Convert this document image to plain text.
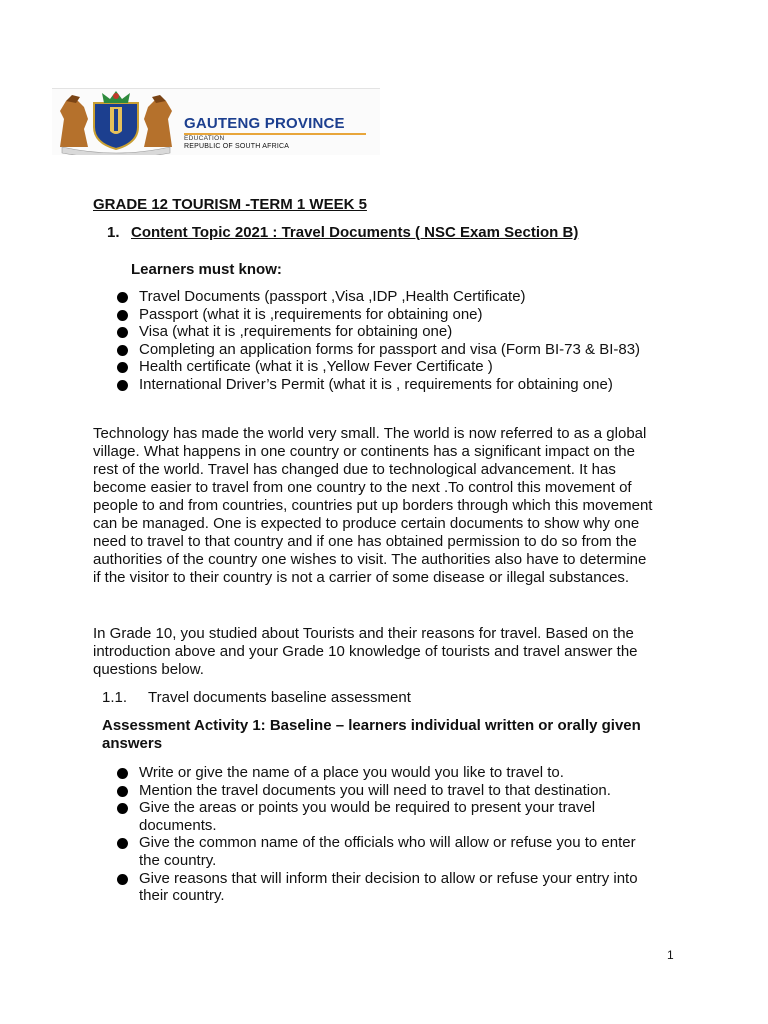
GAUTENG PROVINCE
EDUCATION
REPUBLIC OF SOUTH AFRICA
GRADE 12 TOURISM -TERM 1 WEEK 5
1. Content Topic 2021 : Travel Documents ( NSC Exam Section B)
Learners must know:
Travel Documents (passport ,Visa ,IDP ,Health Certificate)
Passport (what it is ,requirements for obtaining one)
Visa (what it is ,requirements for obtaining one)
Completing an application forms for passport and visa (Form BI-73 & BI-83)
Health certificate (what it is ,Yellow Fever Certificate )
International Driver’s Permit (what it is , requirements for obtaining one)
Technology has made the world very small. The world is now referred to as a global
village. What happens in one country or continents has a significant impact on the
rest of the world. Travel has changed due to technological advancement. It has
become easier to travel from one country to the next .To control this movement of
people to and from countries, countries put up borders through which this movement
can be managed. One is expected to produce certain documents to show why one
need to travel to that country and if one has obtained permission to do so from the
authorities of the country one wishes to visit. The authorities also have to determine
if the visitor to their country is not a carrier of some disease or illegal substances.
In Grade 10, you studied about Tourists and their reasons for travel. Based on the
introduction above and your Grade 10 knowledge of tourists and travel answer the
questions below.
1.1. Travel documents baseline assessment
Assessment Activity 1: Baseline – learners individual written or orally given
answers
Write or give the name of a place you would you like to travel to.
Mention the travel documents you will need to travel to that destination.
Give the areas or points you would be required to present your travel
documents.
Give the common name of the officials who will allow or refuse you to enter
the country.
Give reasons that will inform their decision to allow or refuse your entry into
their country.
1
